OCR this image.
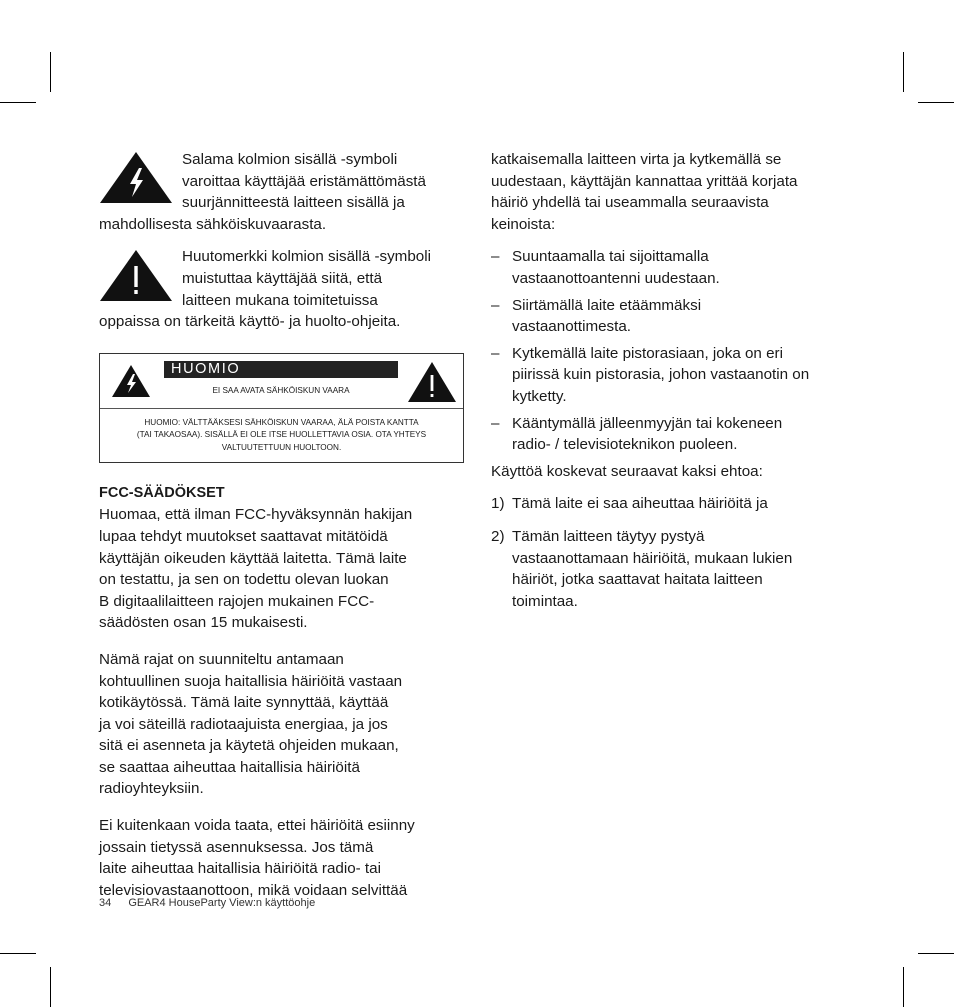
Salama kolmion sisällä -symboli

varoittaa käyttäjää eristämättömästä

suurjännitteestä laitteen sisällä ja

mahdollisesta sähköiskuvaarasta.

Huutomerkki kolmion sisällä -symboli

muistuttaa käyttäjää siitä, että

laitteen mukana toimitetuissa

oppaissa on tärkeitä käyttö- ja huolto-ohjeita.

HUOMIO
EI SAA AVATA SÄHKÖISKUN VAARA
HUOMIO: VÄLTTÄÄKSESI SÄHKÖISKUN VAARAA, ÄLÄ POISTA KANTTA
(TAI TAKAOSAA). SISÄLLÄ EI OLE ITSE HUOLLETTAVIA OSIA. OTA YHTEYS
VALTUUTETTUUN HUOLTOON.

FCC-SÄÄDÖKSET

Huomaa, että ilman FCC-hyväksynnän hakijan

lupaa tehdyt muutokset saattavat mitätöidä

käyttäjän oikeuden käyttää laitetta. Tämä laite

on testattu, ja sen on todettu olevan luokan

B digitaalilaitteen rajojen mukainen FCC-

säädösten osan 15 mukaisesti.

Nämä rajat on suunniteltu antamaan

kohtuullinen suoja haitallisia häiriöitä vastaan

kotikäytössä. Tämä laite synnyttää, käyttää

ja voi säteillä radiotaajuista energiaa, ja jos

sitä ei asenneta ja käytetä ohjeiden mukaan,

se saattaa aiheuttaa haitallisia häiriöitä

radioyhteyksiin.

Ei kuitenkaan voida taata, ettei häiriöitä esiinny

jossain tietyssä asennuksessa. Jos tämä

laite aiheuttaa haitallisia häiriöitä radio- tai

televisiovastaanottoon, mikä voidaan selvittää

katkaisemalla laitteen virta ja kytkemällä se

uudestaan, käyttäjän kannattaa yrittää korjata

häiriö yhdellä tai useammalla seuraavista

keinoista:

– Suuntaamalla tai sijoittamalla

vastaanottoantenni uudestaan.

– Siirtämällä laite etäämmäksi

vastaanottimesta.

– Kytkemällä laite pistorasiaan, joka on eri

piirissä kuin pistorasia, johon vastaanotin on

kytketty.

– Kääntymällä jälleenmyyjän tai kokeneen

radio- / televisioteknikon puoleen.

Käyttöä koskevat seuraavat kaksi ehtoa:

1) Tämä laite ei saa aiheuttaa häiriöitä ja

2) Tämän laitteen täytyy pystyä

vastaanottamaan häiriöitä, mukaan lukien

häiriöt, jotka saattavat haitata laitteen

toimintaa.

34 GEAR4 HouseParty View:n käyttöohje
